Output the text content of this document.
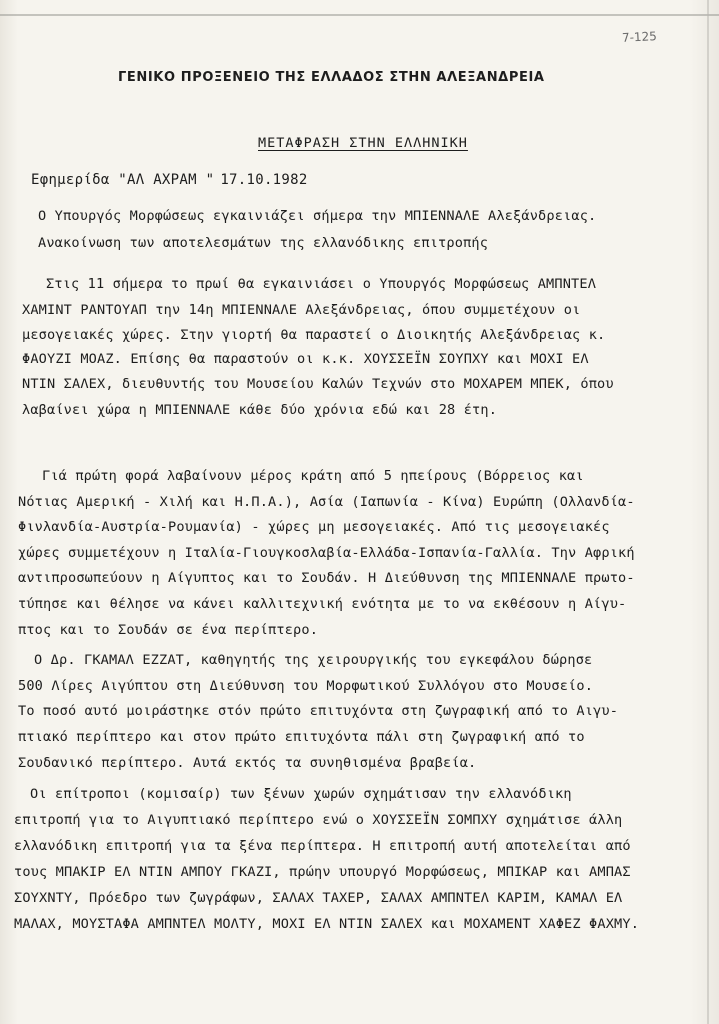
7-125
ΓΕΝΙΚΟ ΠΡΟΞΕΝΕΙΟ ΤΗΣ ΕΛΛΑΔΟΣ ΣΤΗΝ ΑΛΕΞΑΝΔΡΕΙΑ
ΜΕΤΑΦΡΑΣΗ ΣΤΗΝ ΕΛΛΗΝΙΚΗ
Εφημερίδα "ΑΛ ΑΧΡΑΜ " 17.10.1982
Ο Υπουργός Μορφώσεως εγκαινιάζει σήμερα την ΜΠΙΕΝΝΑΛΕ Αλεξάνδρειας.
Ανακοίνωση των αποτελεσμάτων της ελλανόδικης επιτροπής
Στις 11 σήμερα το πρωί θα εγκαινιάσει ο Υπουργός Μορφώσεως ΑΜΠΝΤΕΛ
ΧΑΜΙΝΤ ΡΑΝΤΟΥΑΠ την 14η ΜΠΙΕΝΝΑΛΕ Αλεξάνδρειας, όπου συμμετέχουν οι
μεσογειακές χώρες. Στην γιορτή θα παραστεί ο Διοικητής Αλεξάνδρειας κ.
ΦΑΟΥΖΙ ΜΟΑΖ. Επίσης θα παραστούν οι κ.κ. ΧΟΥΣΣΕΪΝ ΣΟΥΠΧΥ και ΜΟΧΙ ΕΛ
ΝΤΙΝ ΣΑΛΕΧ, διευθυντής του Μουσείου Καλών Τεχνών στο ΜΟΧΑΡΕΜ ΜΠΕΚ, όπου
λαβαίνει χώρα η ΜΠΙΕΝΝΑΛΕ κάθε δύο χρόνια εδώ και 28 έτη.
Γιά πρώτη φορά λαβαίνουν μέρος κράτη από 5 ηπείρους (Βόρρειος και
Νότιας Αμερική - Χιλή και Η.Π.Α.), Ασία (Ιαπωνία - Κίνα) Ευρώπη (Ολλανδία-
Φινλανδία-Αυστρία-Ρουμανία) - χώρες μη μεσογειακές. Από τις μεσογειακές
χώρες συμμετέχουν η Ιταλία-Γιουγκοσλαβία-Ελλάδα-Ισπανία-Γαλλία. Την Αφρική
αντιπροσωπεύουν η Αίγυπτος και το Σουδάν. Η Διεύθυνση της ΜΠΙΕΝΝΑΛΕ πρωτο-
τύπησε και θέλησε να κάνει καλλιτεχνική ενότητα με το να εκθέσουν η Αίγυ-
πτος και το Σουδάν σε ένα περίπτερο.
Ο Δρ. ΓΚΑΜΑΛ ΕΖΖΑΤ, καθηγητής της χειρουργικής του εγκεφάλου δώρησε
500 Λίρες Αιγύπτου στη Διεύθυνση του Μορφωτικού Συλλόγου στο Μουσείο.
Το ποσό αυτό μοιράστηκε στόν πρώτο επιτυχόντα στη ζωγραφική από το Αιγυ-
πτιακό περίπτερο και στον πρώτο επιτυχόντα πάλι στη ζωγραφική από το
Σουδανικό περίπτερο. Αυτά εκτός τα συνηθισμένα βραβεία.
Οι επίτροποι (κομισαίρ) των ξένων χωρών σχημάτισαν την ελλανόδικη
επιτροπή για το Αιγυπτιακό περίπτερο ενώ ο ΧΟΥΣΣΕΪΝ ΣΟΜΠΧΥ σχημάτισε άλλη
ελλανόδικη επιτροπή για τα ξένα περίπτερα. Η επιτροπή αυτή αποτελείται από
τους ΜΠΑΚΙΡ ΕΛ ΝΤΙΝ ΑΜΠΟΥ ΓΚΑΖΙ, πρώην υπουργό Μορφώσεως, ΜΠΙΚΑΡ και ΑΜΠΑΣ
ΣΟΥΧΝΤΥ, Πρόεδρο των ζωγράφων, ΣΑΛΑΧ ΤΑΧΕΡ, ΣΑΛΑΧ ΑΜΠΝΤΕΛ ΚΑΡΙΜ, ΚΑΜΑΛ ΕΛ
ΜΑΛΑΧ, ΜΟΥΣΤΑΦΑ ΑΜΠΝΤΕΛ ΜΟΛΤΥ, ΜΟΧΙ ΕΛ ΝΤΙΝ ΣΑΛΕΧ και ΜΟΧΑΜΕΝΤ ΧΑΦΕΖ ΦΑΧΜΥ.
